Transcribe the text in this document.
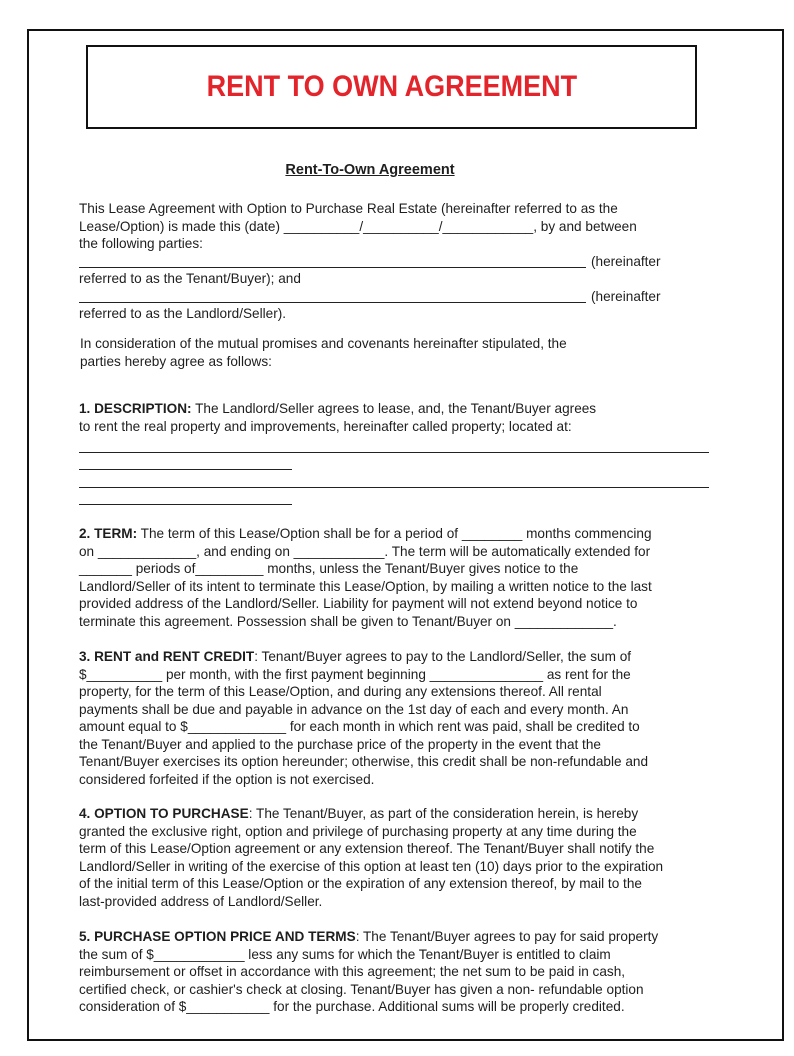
RENT TO OWN AGREEMENT
Rent-To-Own Agreement
This Lease Agreement with Option to Purchase Real Estate (hereinafter referred to as the
Lease/Option) is made this (date) __________/__________/____________, by and between
the following parties:
(hereinafter
referred to as the Tenant/Buyer); and
(hereinafter
referred to as the Landlord/Seller).
In consideration of the mutual promises and covenants hereinafter stipulated, the
parties hereby agree as follows:
1. DESCRIPTION: The Landlord/Seller agrees to lease, and, the Tenant/Buyer agrees
to rent the real property and improvements, hereinafter called property; located at:
2. TERM: The term of this Lease/Option shall be for a period of ________ months commencing
on _____________, and ending on ____________. The term will be automatically extended for
_______ periods of_________ months, unless the Tenant/Buyer gives notice to the
Landlord/Seller of its intent to terminate this Lease/Option, by mailing a written notice to the last
provided address of the Landlord/Seller. Liability for payment will not extend beyond notice to
terminate this agreement. Possession shall be given to Tenant/Buyer on _____________.
3. RENT and RENT CREDIT: Tenant/Buyer agrees to pay to the Landlord/Seller, the sum of
$__________ per month, with the first payment beginning _______________ as rent for the
property, for the term of this Lease/Option, and during any extensions thereof. All rental
payments shall be due and payable in advance on the 1st day of each and every month. An
amount equal to $_____________ for each month in which rent was paid, shall be credited to
the Tenant/Buyer and applied to the purchase price of the property in the event that the
Tenant/Buyer exercises its option hereunder; otherwise, this credit shall be non-refundable and
considered forfeited if the option is not exercised.
4. OPTION TO PURCHASE: The Tenant/Buyer, as part of the consideration herein, is hereby
granted the exclusive right, option and privilege of purchasing property at any time during the
term of this Lease/Option agreement or any extension thereof. The Tenant/Buyer shall notify the
Landlord/Seller in writing of the exercise of this option at least ten (10) days prior to the expiration
of the initial term of this Lease/Option or the expiration of any extension thereof, by mail to the
last-provided address of Landlord/Seller.
5. PURCHASE OPTION PRICE AND TERMS: The Tenant/Buyer agrees to pay for said property
the sum of $____________ less any sums for which the Tenant/Buyer is entitled to claim
reimbursement or offset in accordance with this agreement; the net sum to be paid in cash,
certified check, or cashier's check at closing. Tenant/Buyer has given a non- refundable option
consideration of $___________ for the purchase. Additional sums will be properly credited.
